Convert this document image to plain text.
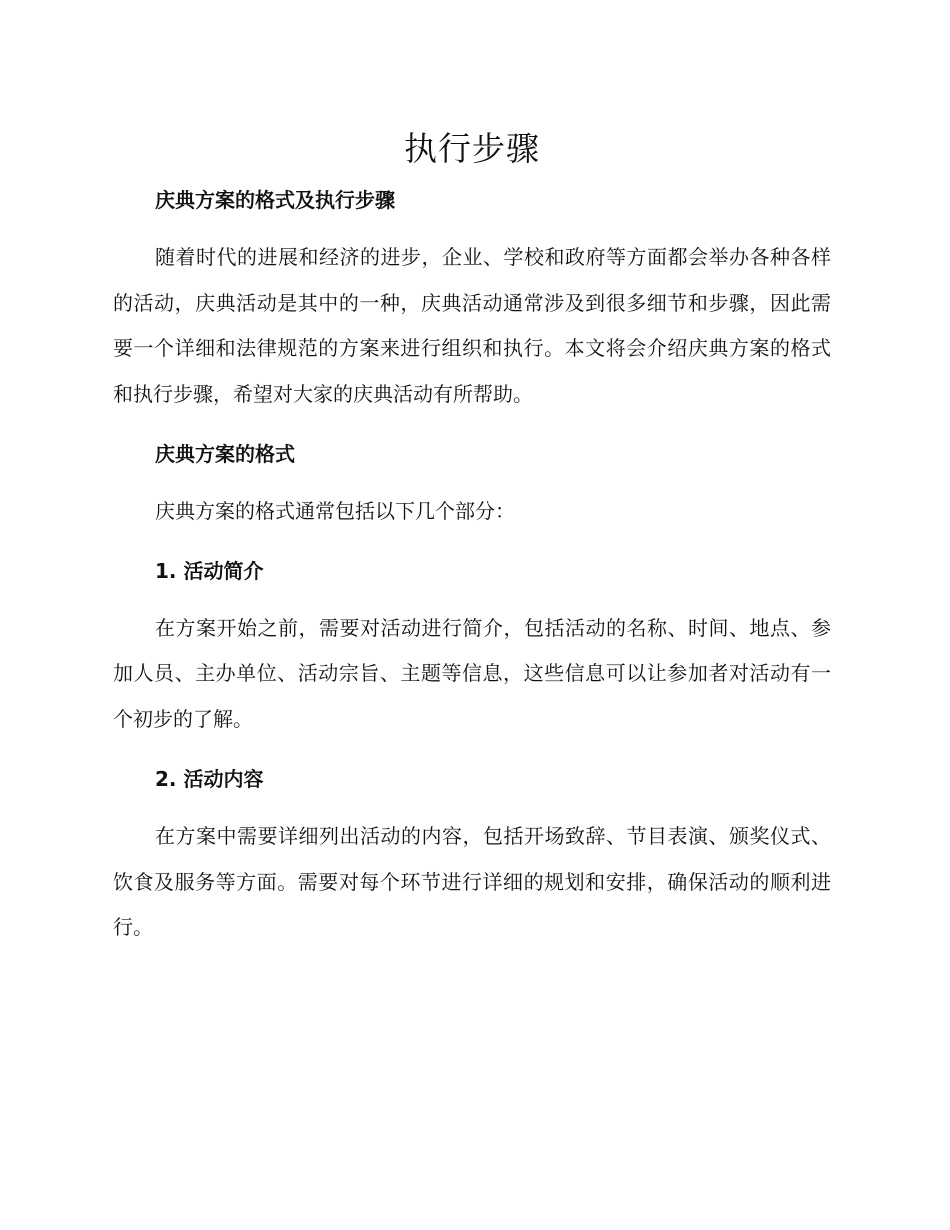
执行步骤
庆典方案的格式及执行步骤

随着时代的进展和经济的进步，企业、学校和政府等方面都会举办各种各样的活动，庆典活动是其中的一种，庆典活动通常涉及到很多细节和步骤，因此需要一个详细和法律规范的方案来进行组织和执行。本文将会介绍庆典方案的格式和执行步骤，希望对大家的庆典活动有所帮助。

庆典方案的格式

庆典方案的格式通常包括以下几个部分：

1. 活动简介

在方案开始之前，需要对活动进行简介，包括活动的名称、时间、地点、参加人员、主办单位、活动宗旨、主题等信息，这些信息可以让参加者对活动有一个初步的了解。

2. 活动内容

在方案中需要详细列出活动的内容，包括开场致辞、节目表演、颁奖仪式、饮食及服务等方面。需要对每个环节进行详细的规划和安排，确保活动的顺利进行。
